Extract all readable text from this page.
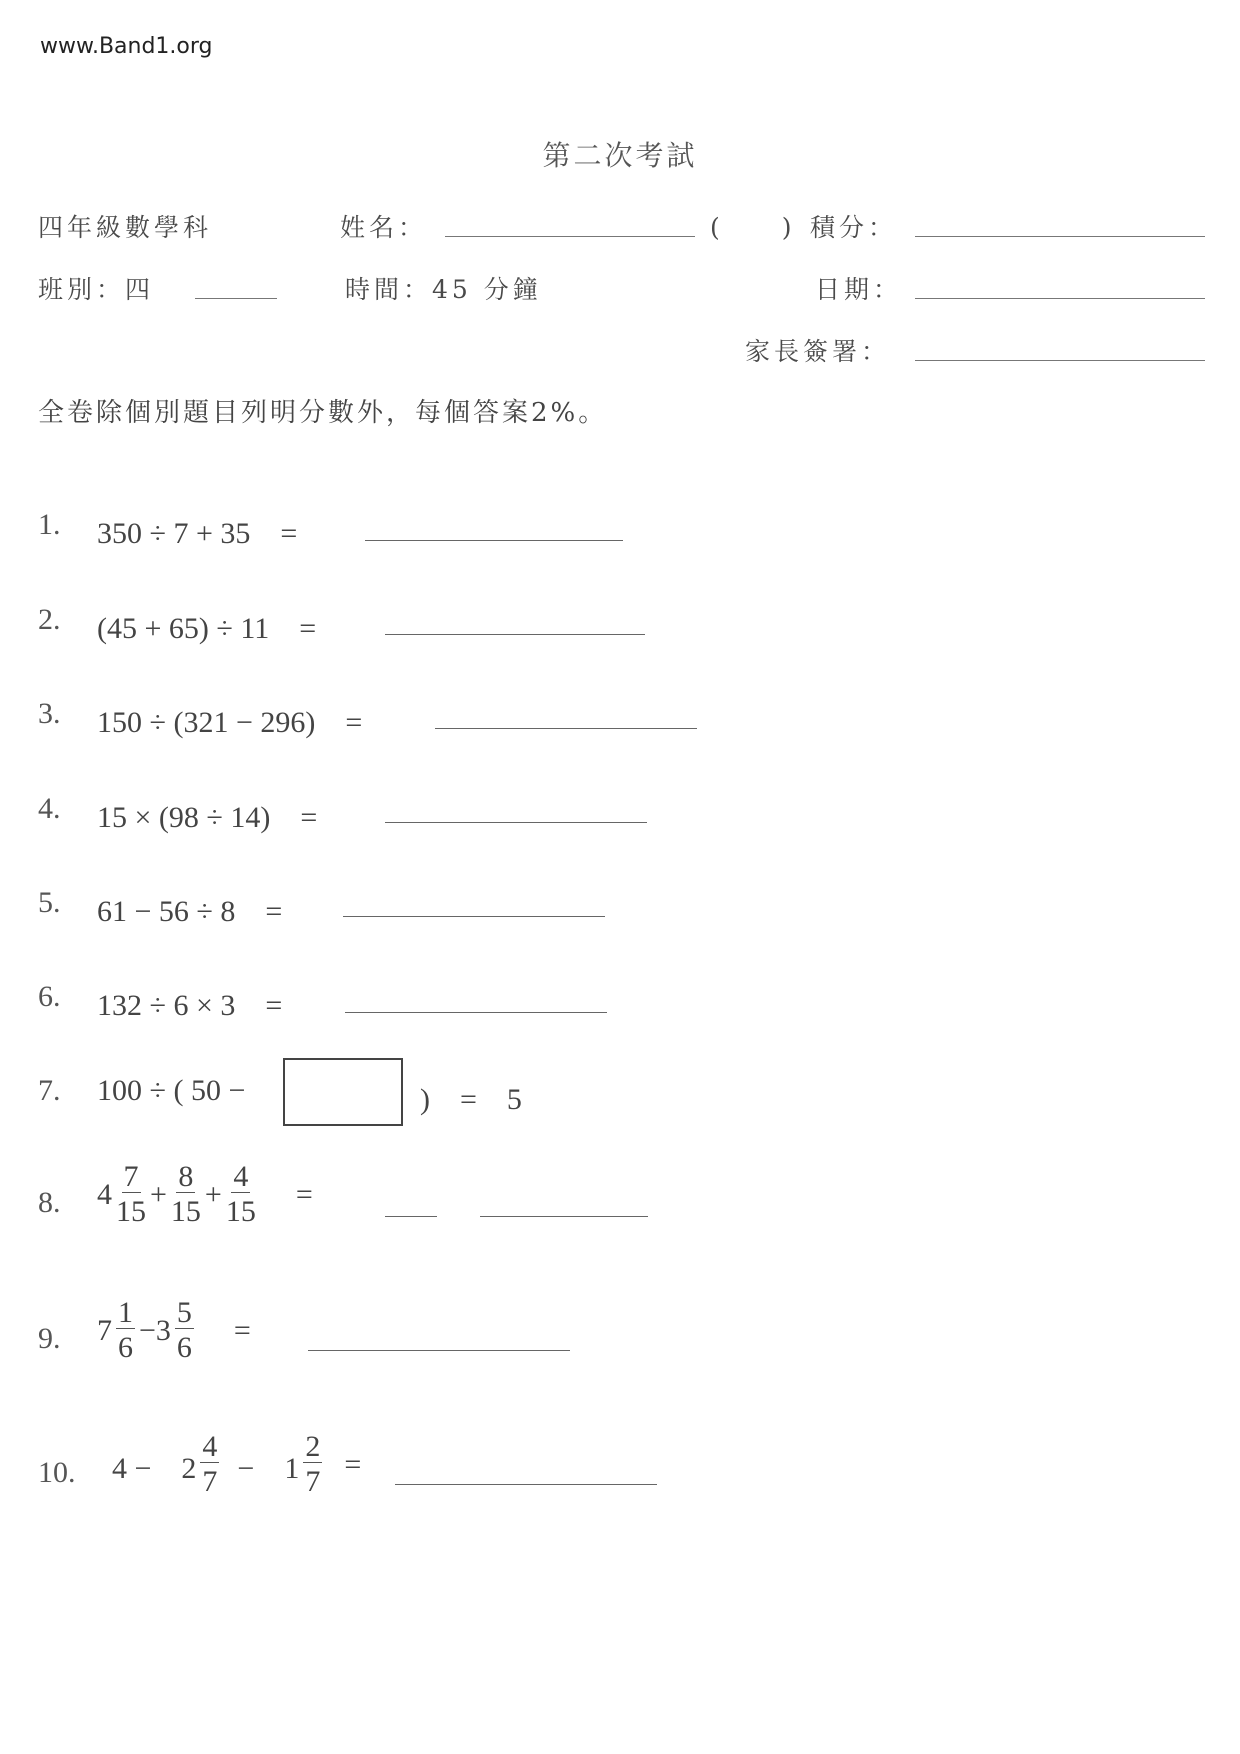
www.Band1.org
第二次考試
四年級數學科	姓名：	(　　) 積分：
班別：四	時間：45 分鐘	日期：
家長簽署：
全卷除個別題目列明分數外，每個答案2%。
1. 350 ÷ 7 + 35　=
2. (45 + 65) ÷ 11　=
3. 150 ÷ (321 − 296)　=
4. 15 × (98 ÷ 14)　=
5. 61 − 56 ÷ 8　=
6. 132 ÷ 6 × 3　=
7. 100 ÷ ( 50 −	)　=　5
8. $4 \frac{7}{15} + \frac{8}{15} + \frac{4}{15}$ =
9. $7 \frac{1}{6} -3 \frac{5}{6}$ =
10. 4 −　$2 \frac{4}{7}$ −　$1 \frac{2}{7}$ =
